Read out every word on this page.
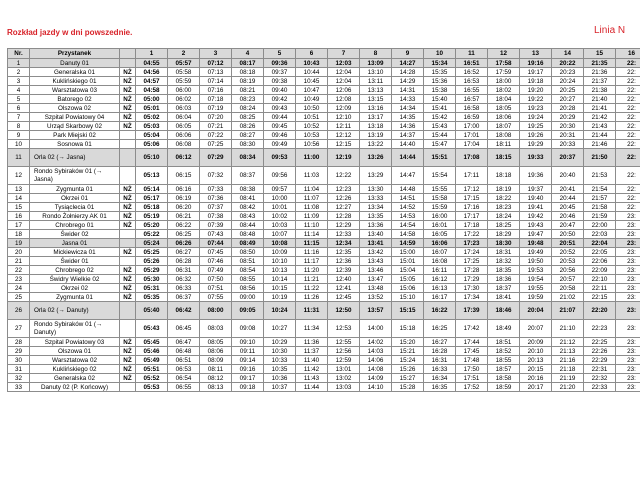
Rozkład jazdy w dni powszednie.	Linia N
Nr.	Przystanek		1	2	3	4	5	6	7	8	9	10	11	12	13	14	15	16
1	Danuty 01		04:55	05:57	07:12	08:17	09:36	10:43	12:03	13:09	14:27	15:34	16:51	17:58	19:16	20:22	21:35	22:
2	Generalska 01	NŻ	04:56	05:58	07:13	08:18	09:37	10:44	12:04	13:10	14:28	15:35	16:52	17:59	19:17	20:23	21:36	22:
3	Kuklińskiego 01	NŻ	04:57	05:59	07:14	08:19	09:38	10:45	12:04	13:11	14:29	15:36	16:53	18:00	19:18	20:24	21:37	22:
4	Warsztatowa 03	NŻ	04:58	06:00	07:16	08:21	09:40	10:47	12:06	13:13	14:31	15:38	16:55	18:02	19:20	20:25	21:38	22:
5	Batorego 02	NŻ	05:00	06:02	07:18	08:23	09:42	10:49	12:08	13:15	14:33	15:40	16:57	18:04	19:22	20:27	21:40	22:
6	Olszowa 02	NŻ	05:01	06:03	07:19	08:24	09:43	10:50	12:09	13:16	14:34	15:41	16:58	18:05	19:23	20:28	21:41	22:
7	Szpital Powiatowy 04	NŻ	05:02	06:04	07:20	08:25	09:44	10:51	12:10	13:17	14:35	15:42	16:59	18:06	19:24	20:29	21:42	22:
8	Urząd Skarbowy 02	NŻ	05:03	06:05	07:21	08:26	09:45	10:52	12:11	13:18	14:36	15:43	17:00	18:07	19:25	20:30	21:43	22:
9	Park Miejski 02		05:04	06:06	07:22	08:27	09:46	10:53	12:12	13:19	14:37	15:44	17:01	18:08	19:26	20:31	21:44	22:
10	Sosnowa 01		05:06	06:08	07:25	08:30	09:49	10:56	12:15	13:22	14:40	15:47	17:04	18:11	19:29	20:33	21:46	22:
11	Orla 02 (→ Jasna)		05:10	06:12	07:29	08:34	09:53	11:00	12:19	13:26	14:44	15:51	17:08	18:15	19:33	20:37	21:50	22:
12	Rondo Sybiraków 01 (→ Jasna)		05:13	06:15	07:32	08:37	09:56	11:03	12:22	13:29	14:47	15:54	17:11	18:18	19:36	20:40	21:53	22:
13	Zygmunta 01	NŻ	05:14	06:16	07:33	08:38	09:57	11:04	12:23	13:30	14:48	15:55	17:12	18:19	19:37	20:41	21:54	22:
14	Okrzei 01	NŻ	05:17	06:19	07:36	08:41	10:00	11:07	12:26	13:33	14:51	15:58	17:15	18:22	19:40	20:44	21:57	22:
15	Tysiąclecia 01	NŻ	05:18	06:20	07:37	08:42	10:01	11:08	12:27	13:34	14:52	15:59	17:16	18:23	19:41	20:45	21:58	22:
16	Rondo Żołnierzy AK 01	NŻ	05:19	06:21	07:38	08:43	10:02	11:09	12:28	13:35	14:53	16:00	17:17	18:24	19:42	20:46	21:59	23:
17	Chrobrego 01	NŻ	05:20	06:22	07:39	08:44	10:03	11:10	12:29	13:36	14:54	16:01	17:18	18:25	19:43	20:47	22:00	23:
18	Świder 02		05:22	06:25	07:43	08:48	10:07	11:14	12:33	13:40	14:58	16:05	17:22	18:29	19:47	20:50	22:03	23:
19	Jasna 01		05:24	06:26	07:44	08:49	10:08	11:15	12:34	13:41	14:59	16:06	17:23	18:30	19:48	20:51	22:04	23:
20	Mickiewicza 01	NŻ	05:25	06:27	07:45	08:50	10:09	11:16	12:35	13:42	15:00	16:07	17:24	18:31	19:49	20:52	22:05	23:
21	Świder 01		05:26	06:28	07:46	08:51	10:10	11:17	12:36	13:43	15:01	16:08	17:25	18:32	19:50	20:53	22:06	23:
22	Chrobrego 02	NŻ	05:29	06:31	07:49	08:54	10:13	11:20	12:39	13:46	15:04	16:11	17:28	18:35	19:53	20:56	22:09	23:
23	Świdry Wielkie 02	NŻ	05:30	06:32	07:50	08:55	10:14	11:21	12:40	13:47	15:05	16:12	17:29	18:36	19:54	20:57	22:10	23:
24	Okrzei 02	NŻ	05:31	06:33	07:51	08:56	10:15	11:22	12:41	13:48	15:06	16:13	17:30	18:37	19:55	20:58	22:11	23:
25	Zygmunta 01	NŻ	05:35	06:37	07:55	09:00	10:19	11:26	12:45	13:52	15:10	16:17	17:34	18:41	19:59	21:02	22:15	23:
26	Orla 02 (→ Danuty)		05:40	06:42	08:00	09:05	10:24	11:31	12:50	13:57	15:15	16:22	17:39	18:46	20:04	21:07	22:20	23:
27	Rondo Sybiraków 01 (→ Danuty)		05:43	06:45	08:03	09:08	10:27	11:34	12:53	14:00	15:18	16:25	17:42	18:49	20:07	21:10	22:23	23:
28	Szpital Powiatowy 03	NŻ	05:45	06:47	08:05	09:10	10:29	11:36	12:55	14:02	15:20	16:27	17:44	18:51	20:09	21:12	22:25	23:
29	Olszowa 01	NŻ	05:46	06:48	08:06	09:11	10:30	11:37	12:56	14:03	15:21	16:28	17:45	18:52	20:10	21:13	22:26	23:
30	Warsztatowa 02	NŻ	05:49	06:51	08:09	09:14	10:33	11:40	12:59	14:06	15:24	16:31	17:48	18:55	20:13	21:16	22:29	23:
31	Kuklińskiego 02	NŻ	05:51	06:53	08:11	09:16	10:35	11:42	13:01	14:08	15:26	16:33	17:50	18:57	20:15	21:18	22:31	23:
32	Generalska 02	NŻ	05:52	06:54	08:12	09:17	10:36	11:43	13:02	14:09	15:27	16:34	17:51	18:58	20:16	21:19	22:32	23:
33	Danuty 02 (P. Końcowy)		05:53	06:55	08:13	09:18	10:37	11:44	13:03	14:10	15:28	16:35	17:52	18:59	20:17	21:20	22:33	23:
